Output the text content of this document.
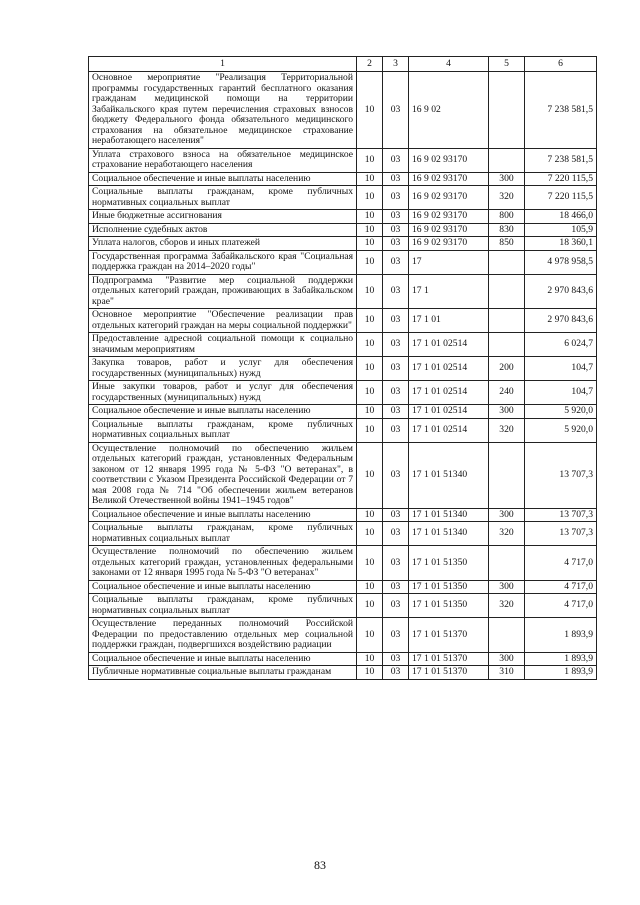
1	2	3	4	5	6
Основное мероприятие "Реализация Территориальной программы государственных гарантий бесплатного оказания гражданам медицинской помощи на территории Забайкальского края путем перечисления страховых взносов бюджету Федерального фонда обязательного медицинского страхования на обязательное медицинское страхование неработающего населения"	10	03	16 9 02		7 238 581,5
Уплата страхового взноса на обязательное медицинское страхование неработающего населения	10	03	16 9 02 93170		7 238 581,5
Социальное обеспечение и иные выплаты населению	10	03	16 9 02 93170	300	7 220 115,5
Социальные выплаты гражданам, кроме публичных нормативных социальных выплат	10	03	16 9 02 93170	320	7 220 115,5
Иные бюджетные ассигнования	10	03	16 9 02 93170	800	18 466,0
Исполнение судебных актов	10	03	16 9 02 93170	830	105,9
Уплата налогов, сборов и иных платежей	10	03	16 9 02 93170	850	18 360,1
Государственная программа Забайкальского края "Социальная поддержка граждан на 2014–2020 годы"	10	03	17		4 978 958,5
Подпрограмма "Развитие мер социальной поддержки отдельных категорий граждан, проживающих в Забайкальском крае"	10	03	17 1		2 970 843,6
Основное мероприятие "Обеспечение реализации прав отдельных категорий граждан на меры социальной поддержки"	10	03	17 1 01		2 970 843,6
Предоставление адресной социальной помощи к социально значимым мероприятиям	10	03	17 1 01 02514		6 024,7
Закупка товаров, работ и услуг для обеспечения государственных (муниципальных) нужд	10	03	17 1 01 02514	200	104,7
Иные закупки товаров, работ и услуг для обеспечения государственных (муниципальных) нужд	10	03	17 1 01 02514	240	104,7
Социальное обеспечение и иные выплаты населению	10	03	17 1 01 02514	300	5 920,0
Социальные выплаты гражданам, кроме публичных нормативных социальных выплат	10	03	17 1 01 02514	320	5 920,0
Осуществление полномочий по обеспечению жильем отдельных категорий граждан, установленных Федеральным законом от 12 января 1995 года № 5-ФЗ "О ветеранах", в соответствии с Указом Президента Российской Федерации от 7 мая 2008 года № 714 "Об обеспечении жильем ветеранов Великой Отечественной войны 1941–1945 годов"	10	03	17 1 01 51340		13 707,3
Социальное обеспечение и иные выплаты населению	10	03	17 1 01 51340	300	13 707,3
Социальные выплаты гражданам, кроме публичных нормативных социальных выплат	10	03	17 1 01 51340	320	13 707,3
Осуществление полномочий по обеспечению жильем отдельных категорий граждан, установленных федеральными законами от 12 января 1995 года № 5-ФЗ "О ветеранах"	10	03	17 1 01 51350		4 717,0
Социальное обеспечение и иные выплаты населению	10	03	17 1 01 51350	300	4 717,0
Социальные выплаты гражданам, кроме публичных нормативных социальных выплат	10	03	17 1 01 51350	320	4 717,0
Осуществление переданных полномочий Российской Федерации по предоставлению отдельных мер социальной поддержки граждан, подвергшихся воздействию радиации	10	03	17 1 01 51370		1 893,9
Социальное обеспечение и иные выплаты населению	10	03	17 1 01 51370	300	1 893,9
Публичные нормативные социальные выплаты гражданам	10	03	17 1 01 51370	310	1 893,9
83
